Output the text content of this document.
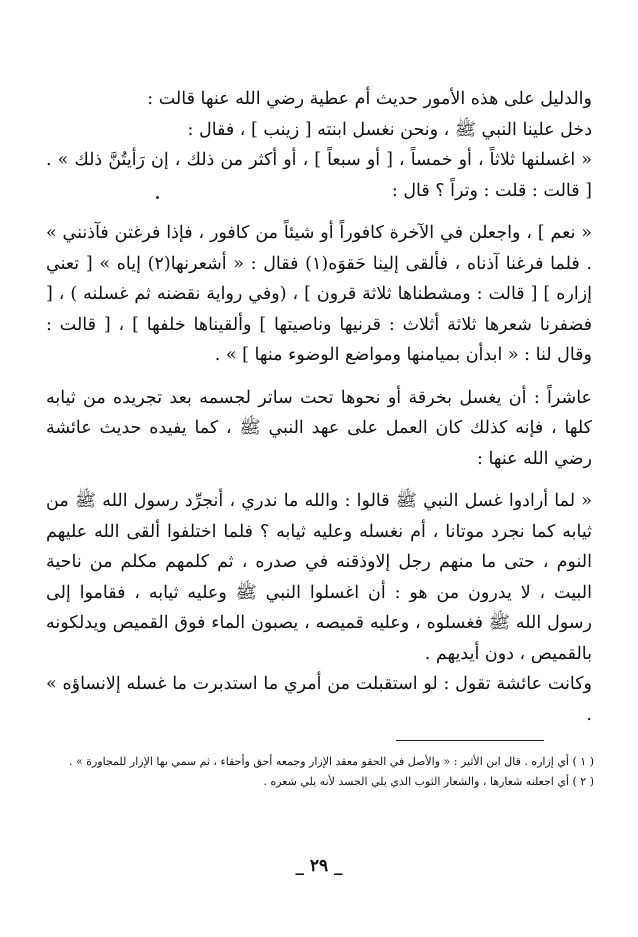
والدليل على هذه الأمور حديث أم عطية رضي الله عنها قالت :

دخل علينا النبي ﷺ ، ونحن نغسل ابنته [ زينب ] ، فقال :

« اغسلنها ثلاثاً ، أو خمساً ، [ أو سبعاً ] ، أو أكثر من ذلك ، إن رَأيتُنَّ ذلك » . [ قالت : قلت : وتراً ؟ قال :

« نعم ] ، واجعلن في الآخرة كافوراً أو شيئاً من كافور ، فإذا فرغتن فآذنني » . فلما فرغنا آذناه ، فألقى إلينا حَقوَه(١) فقال : « أشعرنها(٢) إياه » [ تعني إزاره ] [ قالت : ومشطناها ثلاثة قرون ] ، (وفي رواية نقضنه ثم غسلنه ) ، [ فضفرنا شعرها ثلاثة أثلاث : قرنيها وناصيتها ] وألقيناها خلفها ] ، [ قالت : وقال لنا : « ابدأن بميامنها ومواضع الوضوء منها ] » .

عاشراً : أن يغسل بخرقة أو نحوها تحت ساتر لجسمه بعد تجريده من ثيابه كلها ، فإنه كذلك كان العمل على عهد النبي ﷺ ، كما يفيده حديث عائشة رضي الله عنها :

« لما أرادوا غسل النبي ﷺ قالوا : والله ما ندري ، أنجرِّد رسول الله ﷺ من ثيابه كما نجرد موتانا ، أم نغسله وعليه ثيابه ؟ فلما اختلفوا ألقى الله عليهم النوم ، حتى ما منهم رجل إلاوذقنه في صدره ، ثم كلمهم مكلم من ناحية البيت ، لا يدرون من هو : أن اغسلوا النبي ﷺ وعليه ثيابه ، فقاموا إلى رسول الله ﷺ فغسلوه ، وعليه قميصه ، يصبون الماء فوق القميص ويدلكونه بالقميص ، دون أيديهم .

وكانت عائشة تقول : لو استقبلت من أمري ما استدبرت ما غسله إلانساؤه » .

( ١ ) أي إزاره . قال ابن الأثير : « والأصل في الحقو معقد الإزار وجمعه أحق وأحقاء ، ثم سمي بها الإزار للمجاورة » .

( ٢ ) أي اجعلنه شعارها ، والشعار الثوب الذي يلي الجسد لأنه يلي شعره .

_ ٢٩ _
